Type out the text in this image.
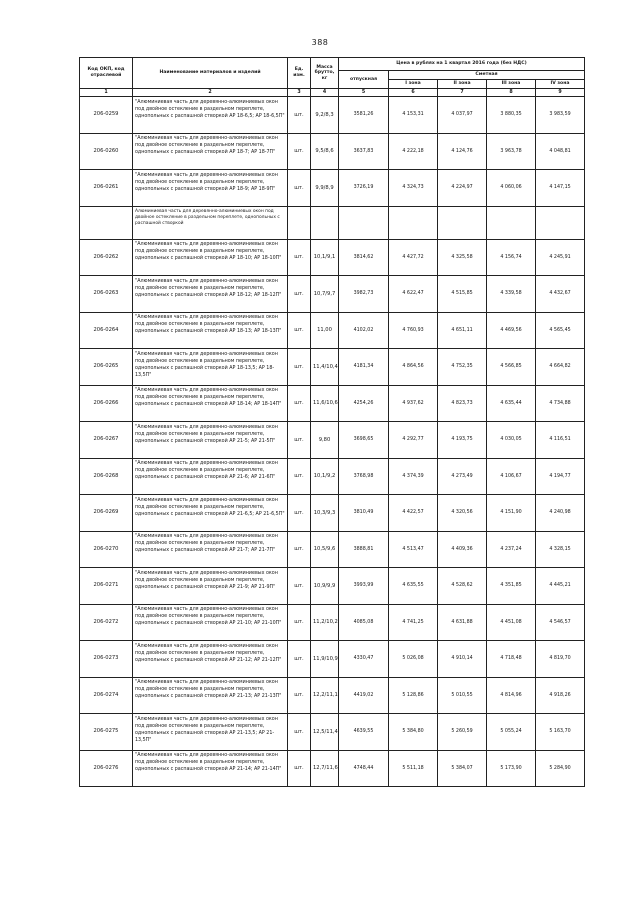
388
Код ОКП, код отраслевой	Наименование материалов и изделий	Ед. изм.	Масса брутто, кг	Цена в рублях на 1 квартал 2016 года (без НДС)				
				отпускная	Сметная			
					I зона	II зона	III зона	IV зона
1	2	3	4	5	6	7	8	9
206-0259	"Алюминиевая часть для деревянно-алюминиевых окон под двойное остекление в раздельном переплете, однопольных с распашной створкой АР 18-6,5; АР 18-6,5П"	шт.	9,2/8,3	3581,26	4 153,31	4 037,97	3 880,35	3 983,59
206-0260	"Алюминиевая часть для деревянно-алюминиевых окон под двойное остекление в раздельном переплете, однопольных с распашной створкой АР 18-7; АР 18-7П"	шт.	9,5/8,6	3637,83	4 222,18	4 124,76	3 963,78	4 048,81
206-0261	"Алюминиевая часть для деревянно-алюминиевых окон под двойное остекление в раздельном переплете, однопольных с распашной створкой АР 18-9; АР 18-9П"	шт.	9,9/8,9	3726,19	4 324,73	4 224,97	4 060,06	4 147,15
	Алюминиевая часть для деревянно-алюминиевых окон под двойное остекление в раздельном переплете, однопольных с распашной створкой							
206-0262	"Алюминиевая часть для деревянно-алюминиевых окон под двойное остекление в раздельном переплете, однопольных с распашной створкой АР 18-10; АР 18-10П"	шт.	10,1/9,1	3814,62	4 427,72	4 325,58	4 156,74	4 245,91
206-0263	"Алюминиевая часть для деревянно-алюминиевых окон под двойное остекление в раздельном переплете, однопольных с распашной створкой АР 18-12; АР 18-12П"	шт.	10,7/9,7	3982,73	4 622,47	4 515,85	4 339,58	4 432,67
206-0264	"Алюминиевая часть для деревянно-алюминиевых окон под двойное остекление в раздельном переплете, однопольных с распашной створкой АР 18-13; АР 18-13П"	шт.	11,00	4102,02	4 760,93	4 651,11	4 469,56	4 565,45
206-0265	"Алюминиевая часть для деревянно-алюминиевых окон под двойное остекление в раздельном переплете, однопольных с распашной створкой АР 18-13,5; АР 18-13,5П"	шт.	11,4/10,4	4181,34	4 864,56	4 752,35	4 566,85	4 664,82
206-0266	"Алюминиевая часть для деревянно-алюминиевых окон под двойное остекление в раздельном переплете, однопольных с распашной створкой АР 18-14; АР 18-14П"	шт.	11,6/10,6	4254,26	4 937,62	4 823,73	4 635,44	4 734,88
206-0267	"Алюминиевая часть для деревянно-алюминиевых окон под двойное остекление в раздельном переплете, однопольных с распашной створкой АР 21-5; АР 21-5П"	шт.	9,80	3698,65	4 292,77	4 193,75	4 030,05	4 116,51
206-0268	"Алюминиевая часть для деревянно-алюминиевых окон под двойное остекление в раздельном переплете, однопольных с распашной створкой АР 21-6; АР 21-6П"	шт.	10,1/9,2	3768,98	4 374,39	4 273,49	4 106,67	4 194,77
206-0269	"Алюминиевая часть для деревянно-алюминиевых окон под двойное остекление в раздельном переплете, однопольных с распашной створкой АР 21-6,5; АР 21-6,5П"	шт.	10,3/9,3	3810,49	4 422,57	4 320,56	4 151,90	4 240,98
206-0270	"Алюминиевая часть для деревянно-алюминиевых окон под двойное остекление в раздельном переплете, однопольных с распашной створкой АР 21-7; АР 21-7П"	шт.	10,5/9,6	3888,81	4 513,47	4 409,36	4 237,24	4 328,15
206-0271	"Алюминиевая часть для деревянно-алюминиевых окон под двойное остекление в раздельном переплете, однопольных с распашной створкой АР 21-9; АР 21-9П"	шт.	10,9/9,9	3993,99	4 635,55	4 528,62	4 351,85	4 445,21
206-0272	"Алюминиевая часть для деревянно-алюминиевых окон под двойное остекление в раздельном переплете, однопольных с распашной створкой АР 21-10; АР 21-10П"	шт.	11,2/10,2	4085,08	4 741,25	4 631,88	4 451,08	4 546,57
206-0273	"Алюминиевая часть для деревянно-алюминиевых окон под двойное остекление в раздельном переплете, однопольных с распашной створкой АР 21-12; АР 21-12П"	шт.	11,9/10,9	4330,47	5 026,08	4 910,14	4 718,48	4 819,70
206-0274	"Алюминиевая часть для деревянно-алюминиевых окон под двойное остекление в раздельном переплете, однопольных с распашной створкой АР 21-13; АР 21-13П"	шт.	12,2/11,1	4419,02	5 128,86	5 010,55	4 814,96	4 918,26
206-0275	"Алюминиевая часть для деревянно-алюминиевых окон под двойное остекление в раздельном переплете, однопольных с распашной створкой АР 21-13,5; АР 21-13,5П"	шт.	12,5/11,4	4639,55	5 384,80	5 260,59	5 055,24	5 163,70
206-0276	"Алюминиевая часть для деревянно-алюминиевых окон под двойное остекление в раздельном переплете, однопольных с распашной створкой АР 21-14; АР 21-14П"	шт.	12,7/11,6	4748,44	5 511,18	5 384,07	5 173,90	5 284,90
